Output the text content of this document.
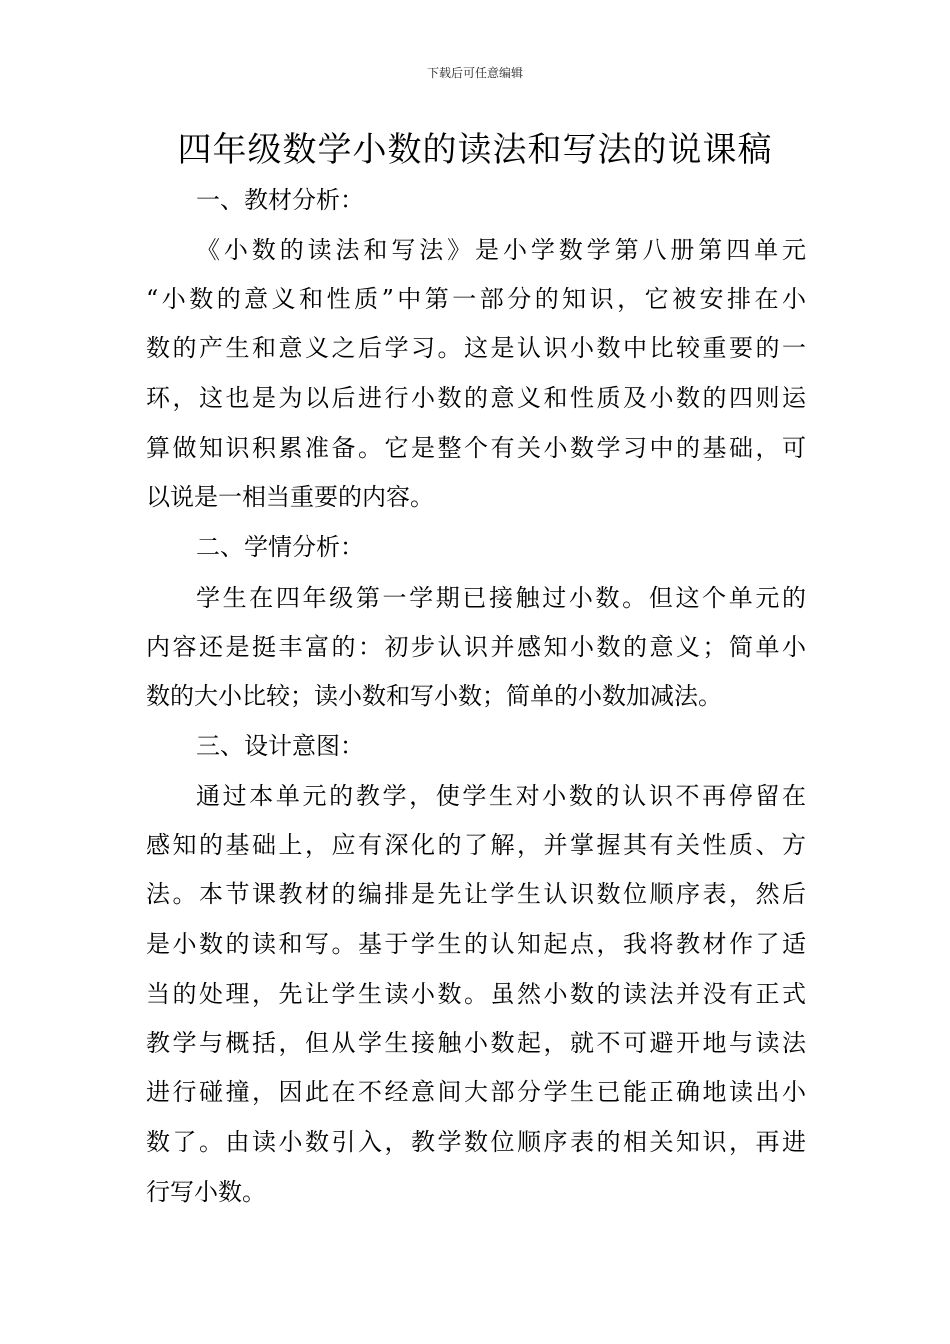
下载后可任意编辑
四年级数学小数的读法和写法的说课稿
一、教材分析：
《小数的读法和写法》是小学数学第八册第四单元
“小数的意义和性质”中第一部分的知识，它被安排在小
数的产生和意义之后学习。这是认识小数中比较重要的一
环，这也是为以后进行小数的意义和性质及小数的四则运
算做知识积累准备。它是整个有关小数学习中的基础，可
以说是一相当重要的内容。
二、学情分析：
学生在四年级第一学期已接触过小数。但这个单元的
内容还是挺丰富的：初步认识并感知小数的意义；简单小
数的大小比较；读小数和写小数；简单的小数加减法。
三、设计意图：
通过本单元的教学，使学生对小数的认识不再停留在
感知的基础上，应有深化的了解，并掌握其有关性质、方
法。本节课教材的编排是先让学生认识数位顺序表，然后
是小数的读和写。基于学生的认知起点，我将教材作了适
当的处理，先让学生读小数。虽然小数的读法并没有正式
教学与概括，但从学生接触小数起，就不可避开地与读法
进行碰撞，因此在不经意间大部分学生已能正确地读出小
数了。由读小数引入，教学数位顺序表的相关知识，再进
行写小数。
